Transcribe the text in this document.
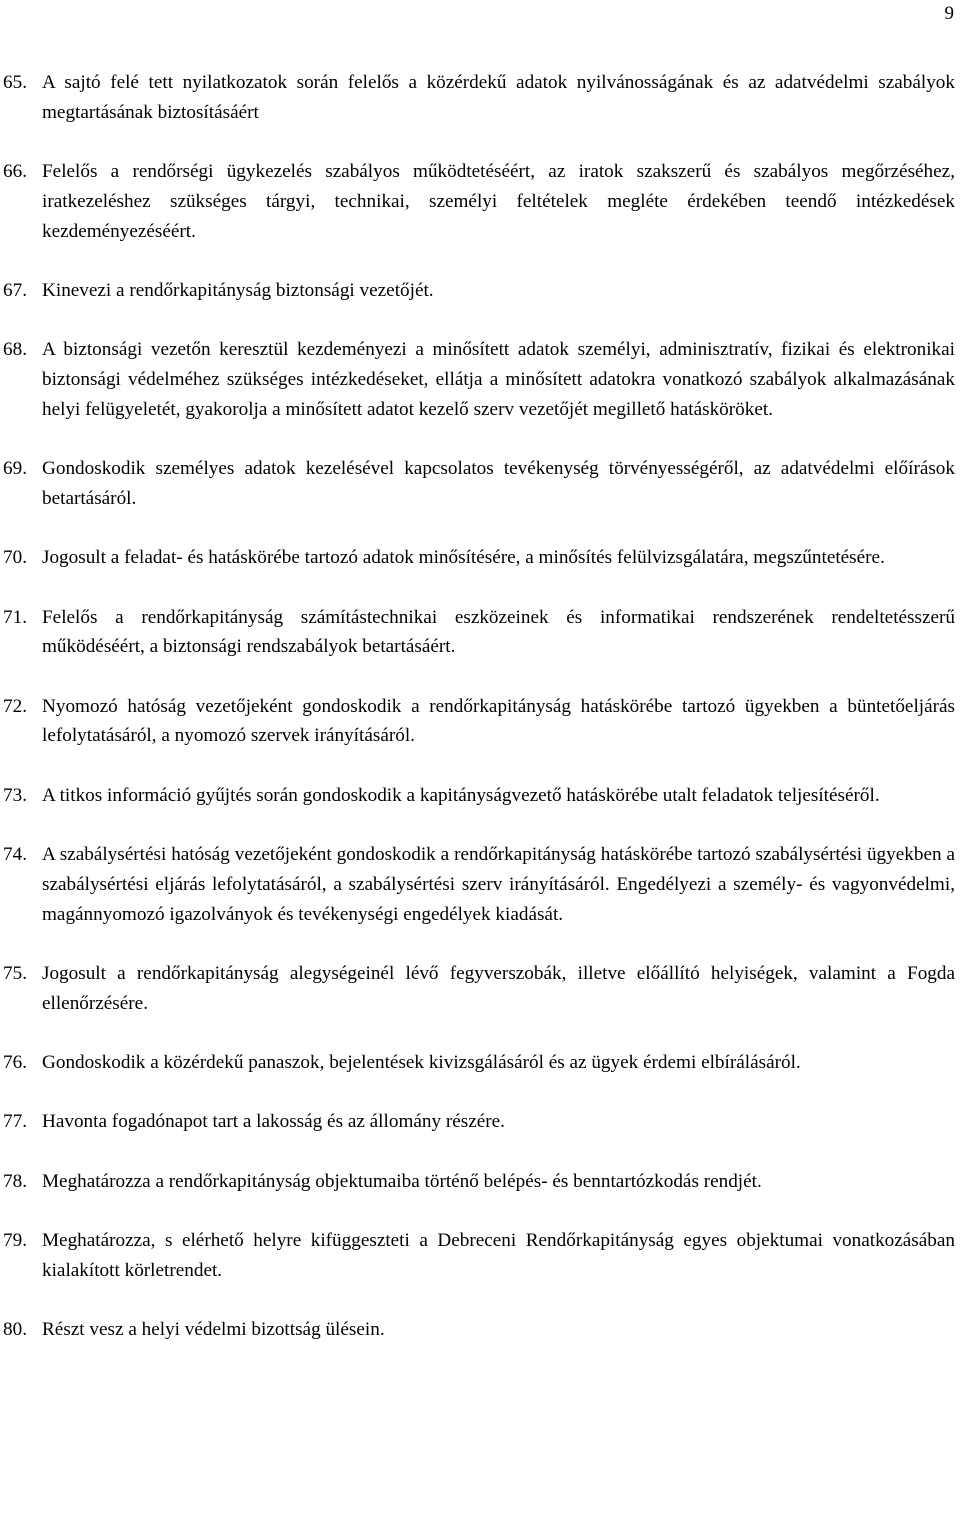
9
65. A sajtó felé tett nyilatkozatok során felelős a közérdekű adatok nyilvánosságának és az adatvédelmi szabályok megtartásának biztosításáért
66. Felelős a rendőrségi ügykezelés szabályos működtetéséért, az iratok szakszerű és szabályos megőrzéséhez, iratkezeléshez szükséges tárgyi, technikai, személyi feltételek megléte érdekében teendő intézkedések kezdeményezéséért.
67. Kinevezi a rendőrkapitányság biztonsági vezetőjét.
68. A biztonsági vezetőn keresztül kezdeményezi a minősített adatok személyi, adminisztratív, fizikai és elektronikai biztonsági védelméhez szükséges intézkedéseket, ellátja a minősített adatokra vonatkozó szabályok alkalmazásának helyi felügyeletét, gyakorolja a minősített adatot kezelő szerv vezetőjét megillető hatásköröket.
69. Gondoskodik személyes adatok kezelésével kapcsolatos tevékenység törvényességéről, az adatvédelmi előírások betartásáról.
70. Jogosult a feladat- és hatáskörébe tartozó adatok minősítésére, a minősítés felülvizsgálatára, megszűntetésére.
71. Felelős a rendőrkapitányság számítástechnikai eszközeinek és informatikai rendszerének rendeltetésszerű működéséért, a biztonsági rendszabályok betartásáért.
72. Nyomozó hatóság vezetőjeként gondoskodik a rendőrkapitányság hatáskörébe tartozó ügyekben a büntetőeljárás lefolytatásáról, a nyomozó szervek irányításáról.
73. A titkos információ gyűjtés során gondoskodik a kapitányságvezető hatáskörébe utalt feladatok teljesítéséről.
74. A szabálysértési hatóság vezetőjeként gondoskodik a rendőrkapitányság hatáskörébe tartozó szabálysértési ügyekben a szabálysértési eljárás lefolytatásáról, a szabálysértési szerv irányításáról. Engedélyezi a személy- és vagyonvédelmi, magánnyomozó igazolványok és tevékenységi engedélyek kiadását.
75. Jogosult a rendőrkapitányság alegységeinél lévő fegyverszobák, illetve előállító helyiségek, valamint a Fogda ellenőrzésére.
76. Gondoskodik a közérdekű panaszok, bejelentések kivizsgálásáról és az ügyek érdemi elbírálásáról.
77. Havonta fogadónapot tart a lakosság és az állomány részére.
78. Meghatározza a rendőrkapitányság objektumaiba történő belépés- és benntartózkodás rendjét.
79. Meghatározza, s elérhető helyre kifüggeszteti a Debreceni Rendőrkapitányság egyes objektumai vonatkozásában kialakított körletrendet.
80. Részt vesz a helyi védelmi bizottság ülésein.
